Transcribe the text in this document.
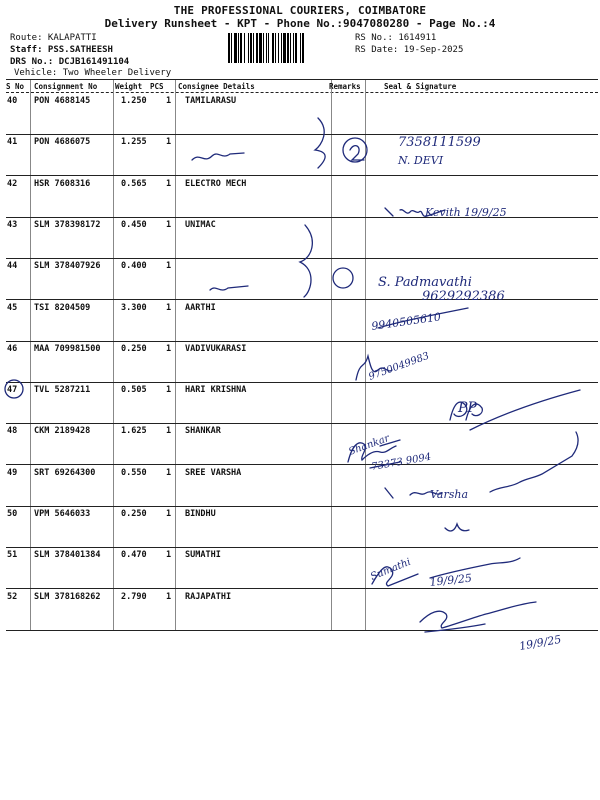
THE PROFESSIONAL COURIERS, COIMBATORE
Delivery Runsheet - KPT - Phone No.:9047080280 - Page No.:4
Route: KALAPATTI
Staff: PSS.SATHEESH
DRS No.: DCJB161491104
Vehicle: Two Wheeler Delivery
RS No.: 1614911
RS Date: 19-Sep-2025
S No Consignment No Weight PCS Consignee Details	Remarks	Seal & Signature
40 PON 4688145	1.250 1 TAMILARASU
41 PON 4686075	1.255 1
42 HSR 7608316	0.565 1 ELECTRO MECH
43 SLM 378398172 0.450 1 UNIMAC
44 SLM 378407926 0.400 1
45 TSI 8204509	3.300 1 AARTHI
46 MAA 709981500 0.250 1 VADIVUKARASI
47 TVL 5287211	0.505 1 HARI KRISHNA
48 CKM 2189428	1.625 1 SHANKAR
49 SRT 69264300	0.550 1 SREE VARSHA
50 VPM 5646033	0.250 1 BINDHU
51 SLM 378401384 0.470 1 SUMATHI
52 SLM 378168262 2.790 1 RAJAPATHI
7358111599
N. DEVI
Kevith 19/9/25
S. Padmavathi
9629292386
9940505610
9750049983
PP
Shankar
73373 9094
Varsha
Sumathi 19/9/25
19/9/25
